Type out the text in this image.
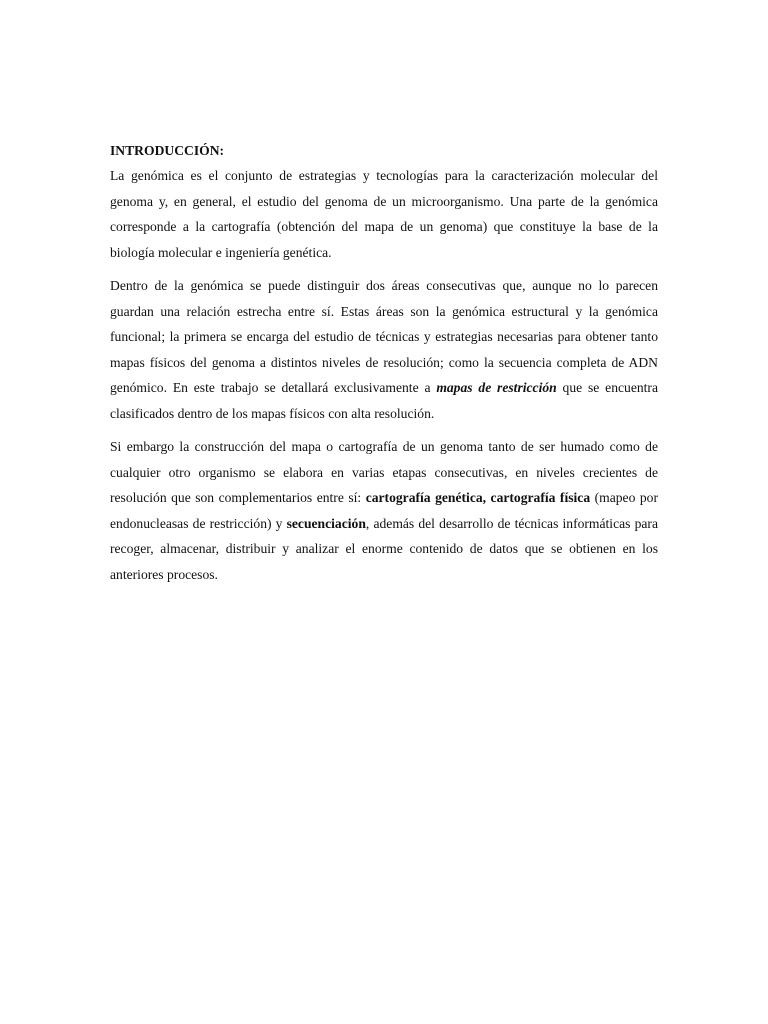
INTRODUCCIÓN:

La genómica es el conjunto de estrategias y tecnologías para la caracterización molecular del genoma y, en general, el estudio del genoma de un microorganismo. Una parte de la genómica corresponde a la cartografía (obtención del mapa de un genoma) que constituye la base de la biología molecular e ingeniería genética.

Dentro de la genómica se puede distinguir dos áreas consecutivas que, aunque no lo parecen guardan una relación estrecha entre sí. Estas áreas son la genómica estructural y la genómica funcional; la primera se encarga del estudio de técnicas y estrategias necesarias para obtener tanto mapas físicos del genoma a distintos niveles de resolución; como la secuencia completa de ADN genómico. En este trabajo se detallará exclusivamente a mapas de restricción que se encuentra clasificados dentro de los mapas físicos con alta resolución.

Si embargo la construcción del mapa o cartografía de un genoma tanto de ser humado como de cualquier otro organismo se elabora en varias etapas consecutivas, en niveles crecientes de resolución que son complementarios entre sí: cartografía genética, cartografía física (mapeo por endonucleasas de restricción) y secuenciación, además del desarrollo de técnicas informáticas para recoger, almacenar, distribuir y analizar el enorme contenido de datos que se obtienen en los anteriores procesos.
